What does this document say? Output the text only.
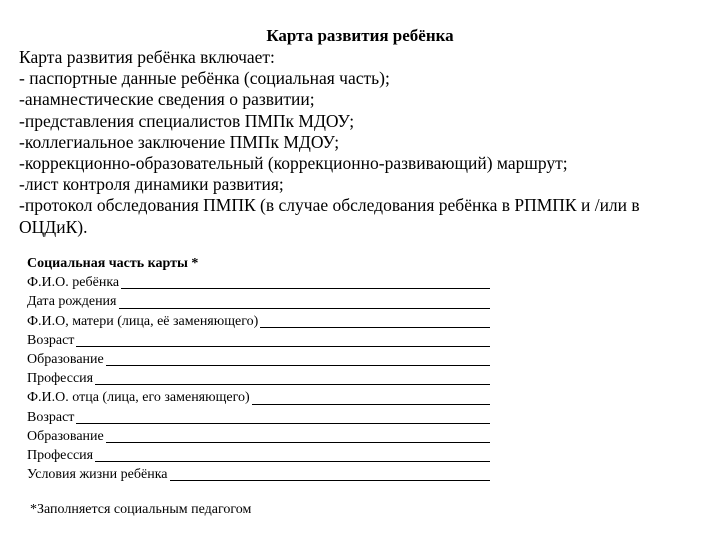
Карта развития ребёнка
Карта развития ребёнка включает:
- паспортные данные ребёнка (социальная часть);
-анамнестические сведения о развитии;
-представления специалистов ПМПк МДОУ;
-коллегиальное заключение ПМПк МДОУ;
-коррекционно-образовательный (коррекционно-развивающий) маршрут;
-лист контроля динамики развития;
-протокол обследования ПМПК (в случае обследования ребёнка в РПМПК и /или в ОЦДиК).
Социальная часть карты *
Ф.И.О. ребёнка
Дата рождения
Ф.И.О, матери (лица, её заменяющего)
Возраст
Образование
Профессия
Ф.И.О. отца (лица, его заменяющего)
Возраст
Образование
Профессия
Условия жизни ребёнка
*Заполняется социальным педагогом
